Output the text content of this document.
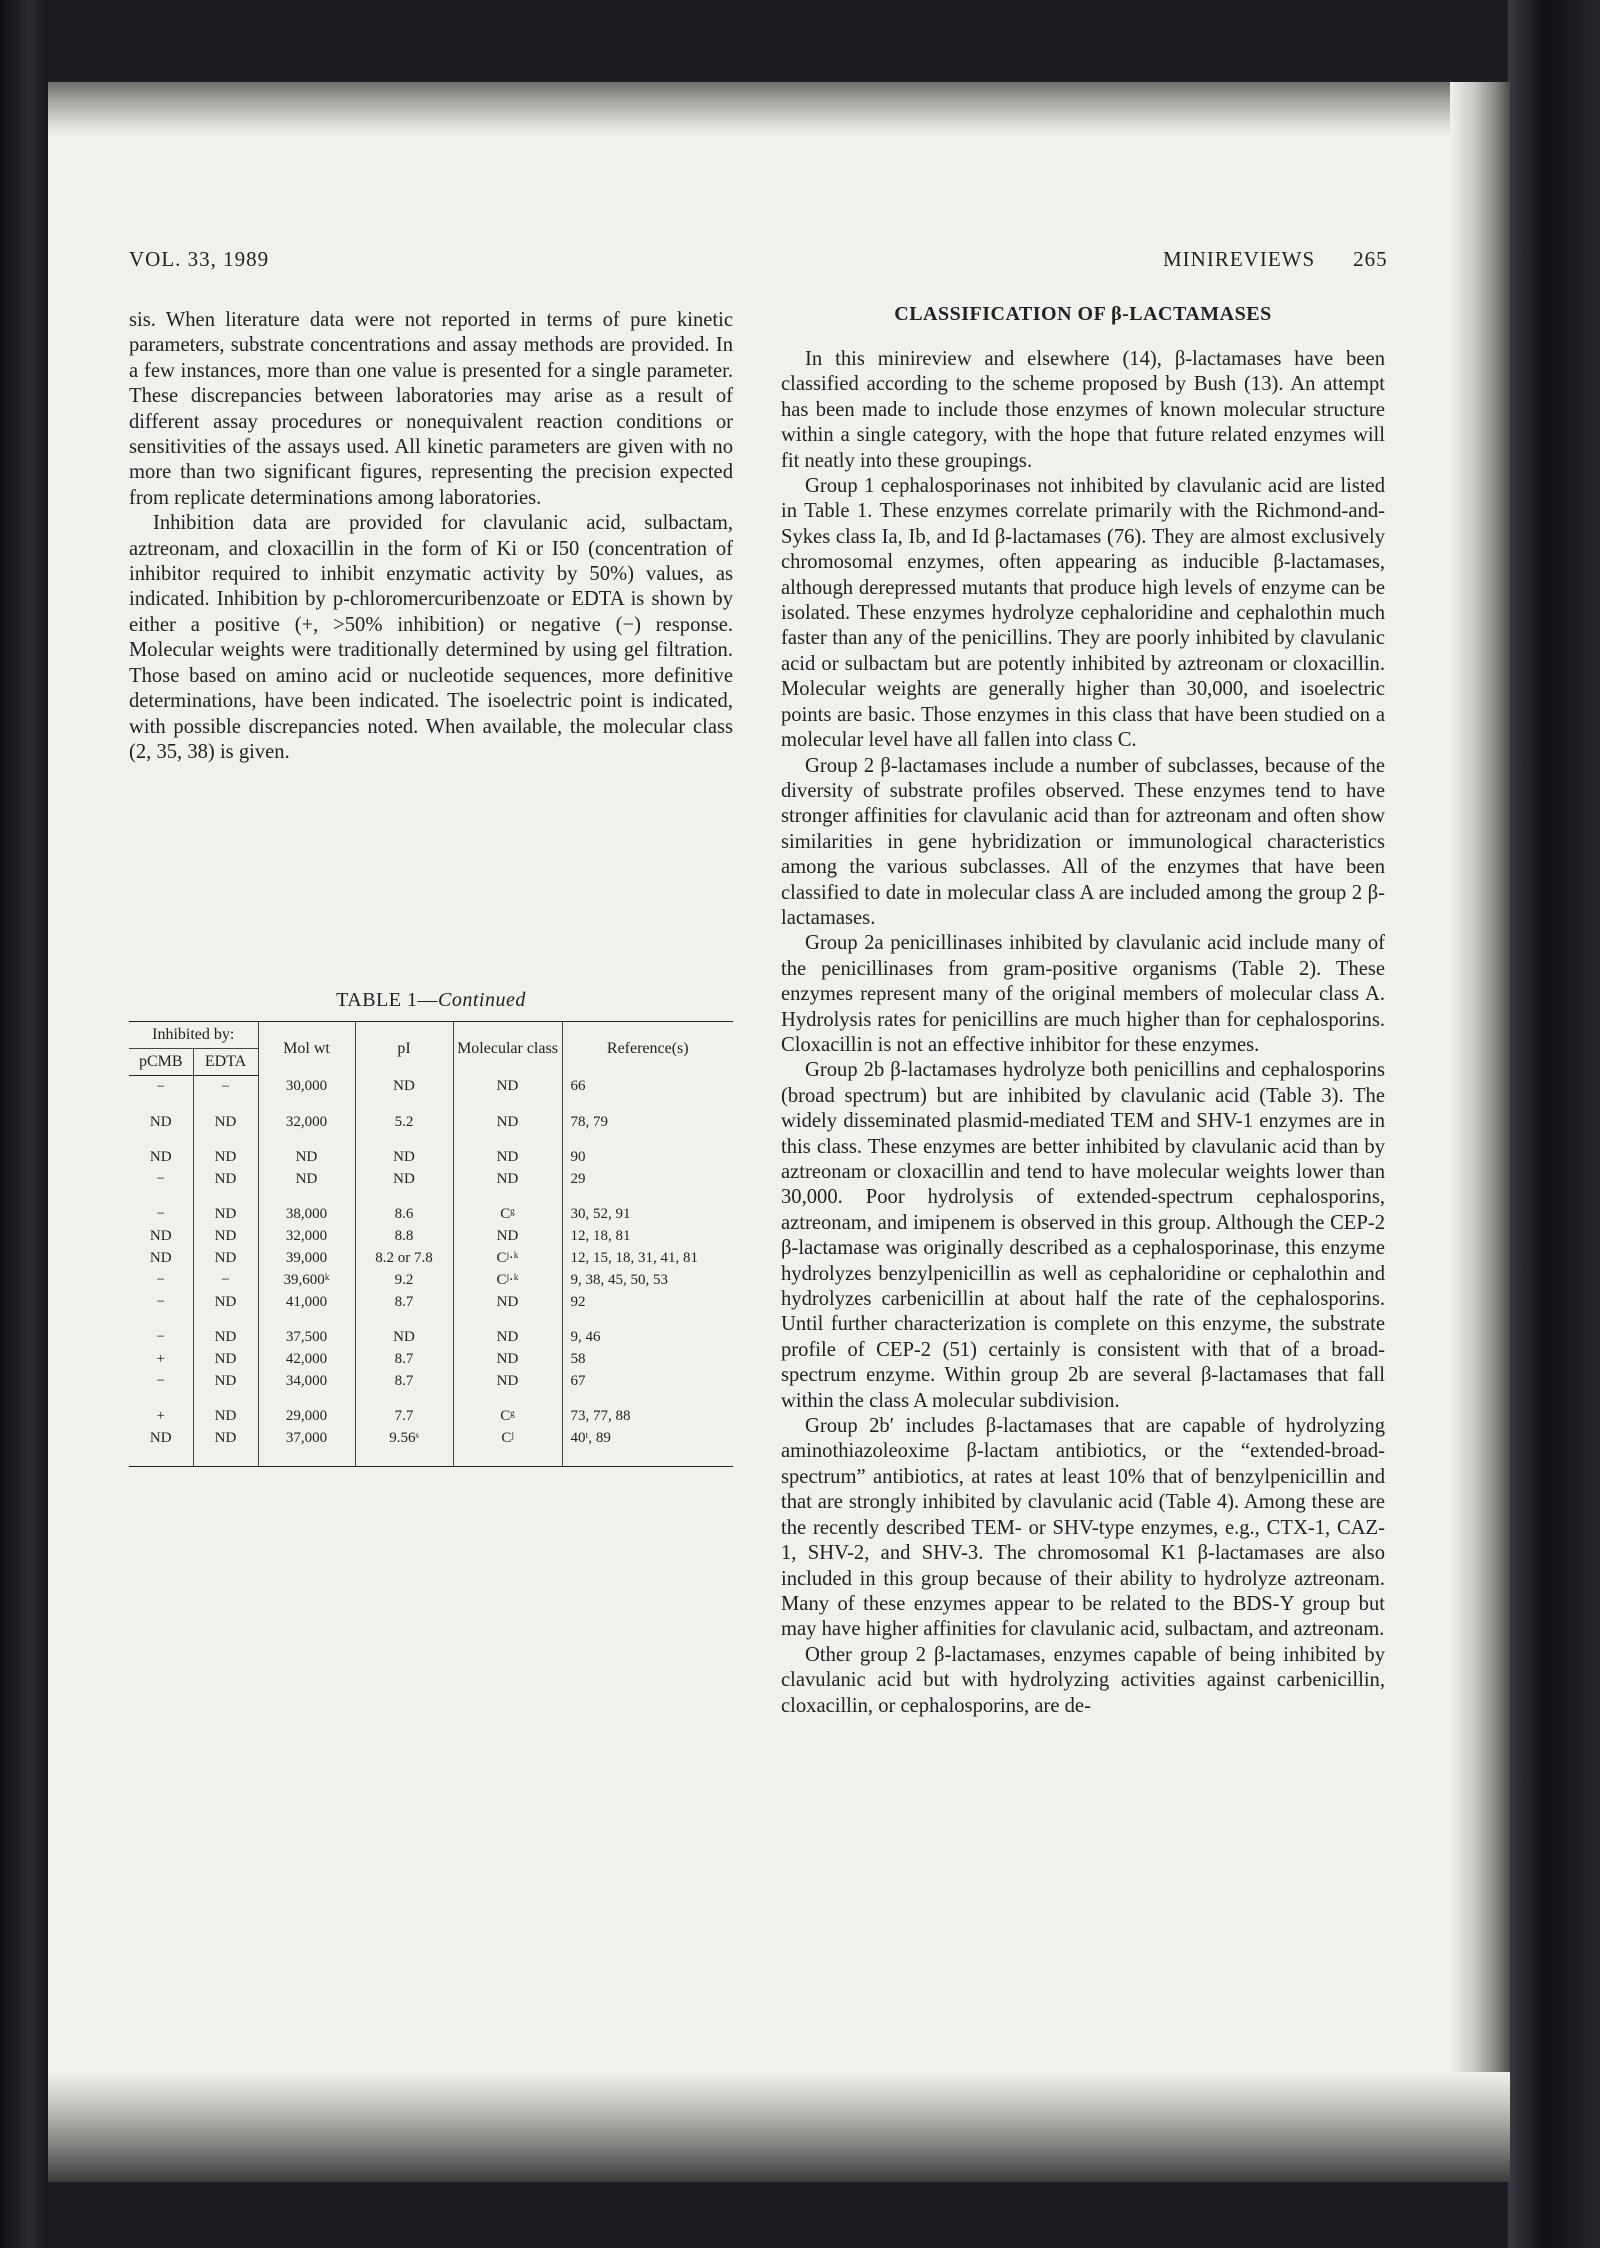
VOL. 33, 1989	MINIREVIEWS 265

sis. When literature data were not reported in terms of pure kinetic parameters, substrate concentrations and assay methods are provided. In a few instances, more than one value is presented for a single parameter. These discrepancies between laboratories may arise as a result of different assay procedures or nonequivalent reaction conditions or sensitivities of the assays used. All kinetic parameters are given with no more than two significant figures, representing the precision expected from replicate determinations among laboratories.

Inhibition data are provided for clavulanic acid, sulbactam, aztreonam, and cloxacillin in the form of Ki or I50 (concentration of inhibitor required to inhibit enzymatic activity by 50%) values, as indicated. Inhibition by p-chloromercuribenzoate or EDTA is shown by either a positive (+, >50% inhibition) or negative (−) response. Molecular weights were traditionally determined by using gel filtration. Those based on amino acid or nucleotide sequences, more definitive determinations, have been indicated. The isoelectric point is indicated, with possible discrepancies noted. When available, the molecular class (2, 35, 38) is given.

TABLE 1—Continued
Inhibited by:		Mol wt	pI	Molecular class	Reference(s)
pCMB	EDTA				
−	−	30,000	ND	ND	66
ND	ND	32,000	5.2	ND	78, 79
ND	ND	ND	ND	ND	90
−	ND	ND	ND	ND	29
−	ND	38,000	8.6	Cᵍ	30, 52, 91
ND	ND	32,000	8.8	ND	12, 18, 81
ND	ND	39,000	8.2 or 7.8	Cʲ·ᵏ	12, 15, 18, 31, 41, 81
−	−	39,600ᵏ	9.2	Cʲ·ᵏ	9, 38, 45, 50, 53
−	ND	41,000	8.7	ND	92
−	ND	37,500	ND	ND	9, 46
+	ND	42,000	8.7	ND	58
−	ND	34,000	8.7	ND	67
+	ND	29,000	7.7	Cᵍ	73, 77, 88
ND	ND	37,000	9.56ˢ	Cʲ	40ᵗ, 89
CLASSIFICATION OF β-LACTAMASES

In this minireview and elsewhere (14), β-lactamases have been classified according to the scheme proposed by Bush (13). An attempt has been made to include those enzymes of known molecular structure within a single category, with the hope that future related enzymes will fit neatly into these groupings.

Group 1 cephalosporinases not inhibited by clavulanic acid are listed in Table 1. These enzymes correlate primarily with the Richmond-and-Sykes class Ia, Ib, and Id β-lactamases (76). They are almost exclusively chromosomal enzymes, often appearing as inducible β-lactamases, although derepressed mutants that produce high levels of enzyme can be isolated. These enzymes hydrolyze cephaloridine and cephalothin much faster than any of the penicillins. They are poorly inhibited by clavulanic acid or sulbactam but are potently inhibited by aztreonam or cloxacillin. Molecular weights are generally higher than 30,000, and isoelectric points are basic. Those enzymes in this class that have been studied on a molecular level have all fallen into class C.

Group 2 β-lactamases include a number of subclasses, because of the diversity of substrate profiles observed. These enzymes tend to have stronger affinities for clavulanic acid than for aztreonam and often show similarities in gene hybridization or immunological characteristics among the various subclasses. All of the enzymes that have been classified to date in molecular class A are included among the group 2 β-lactamases.

Group 2a penicillinases inhibited by clavulanic acid include many of the penicillinases from gram-positive organisms (Table 2). These enzymes represent many of the original members of molecular class A. Hydrolysis rates for penicillins are much higher than for cephalosporins. Cloxacillin is not an effective inhibitor for these enzymes.

Group 2b β-lactamases hydrolyze both penicillins and cephalosporins (broad spectrum) but are inhibited by clavulanic acid (Table 3). The widely disseminated plasmid-mediated TEM and SHV-1 enzymes are in this class. These enzymes are better inhibited by clavulanic acid than by aztreonam or cloxacillin and tend to have molecular weights lower than 30,000. Poor hydrolysis of extended-spectrum cephalosporins, aztreonam, and imipenem is observed in this group. Although the CEP-2 β-lactamase was originally described as a cephalosporinase, this enzyme hydrolyzes benzylpenicillin as well as cephaloridine or cephalothin and hydrolyzes carbenicillin at about half the rate of the cephalosporins. Until further characterization is complete on this enzyme, the substrate profile of CEP-2 (51) certainly is consistent with that of a broad-spectrum enzyme. Within group 2b are several β-lactamases that fall within the class A molecular subdivision.

Group 2b′ includes β-lactamases that are capable of hydrolyzing aminothiazoleoxime β-lactam antibiotics, or the “extended-broad-spectrum” antibiotics, at rates at least 10% that of benzylpenicillin and that are strongly inhibited by clavulanic acid (Table 4). Among these are the recently described TEM- or SHV-type enzymes, e.g., CTX-1, CAZ-1, SHV-2, and SHV-3. The chromosomal K1 β-lactamases are also included in this group because of their ability to hydrolyze aztreonam. Many of these enzymes appear to be related to the BDS-Y group but may have higher affinities for clavulanic acid, sulbactam, and aztreonam.

Other group 2 β-lactamases, enzymes capable of being inhibited by clavulanic acid but with hydrolyzing activities against carbenicillin, cloxacillin, or cephalosporins, are de-
